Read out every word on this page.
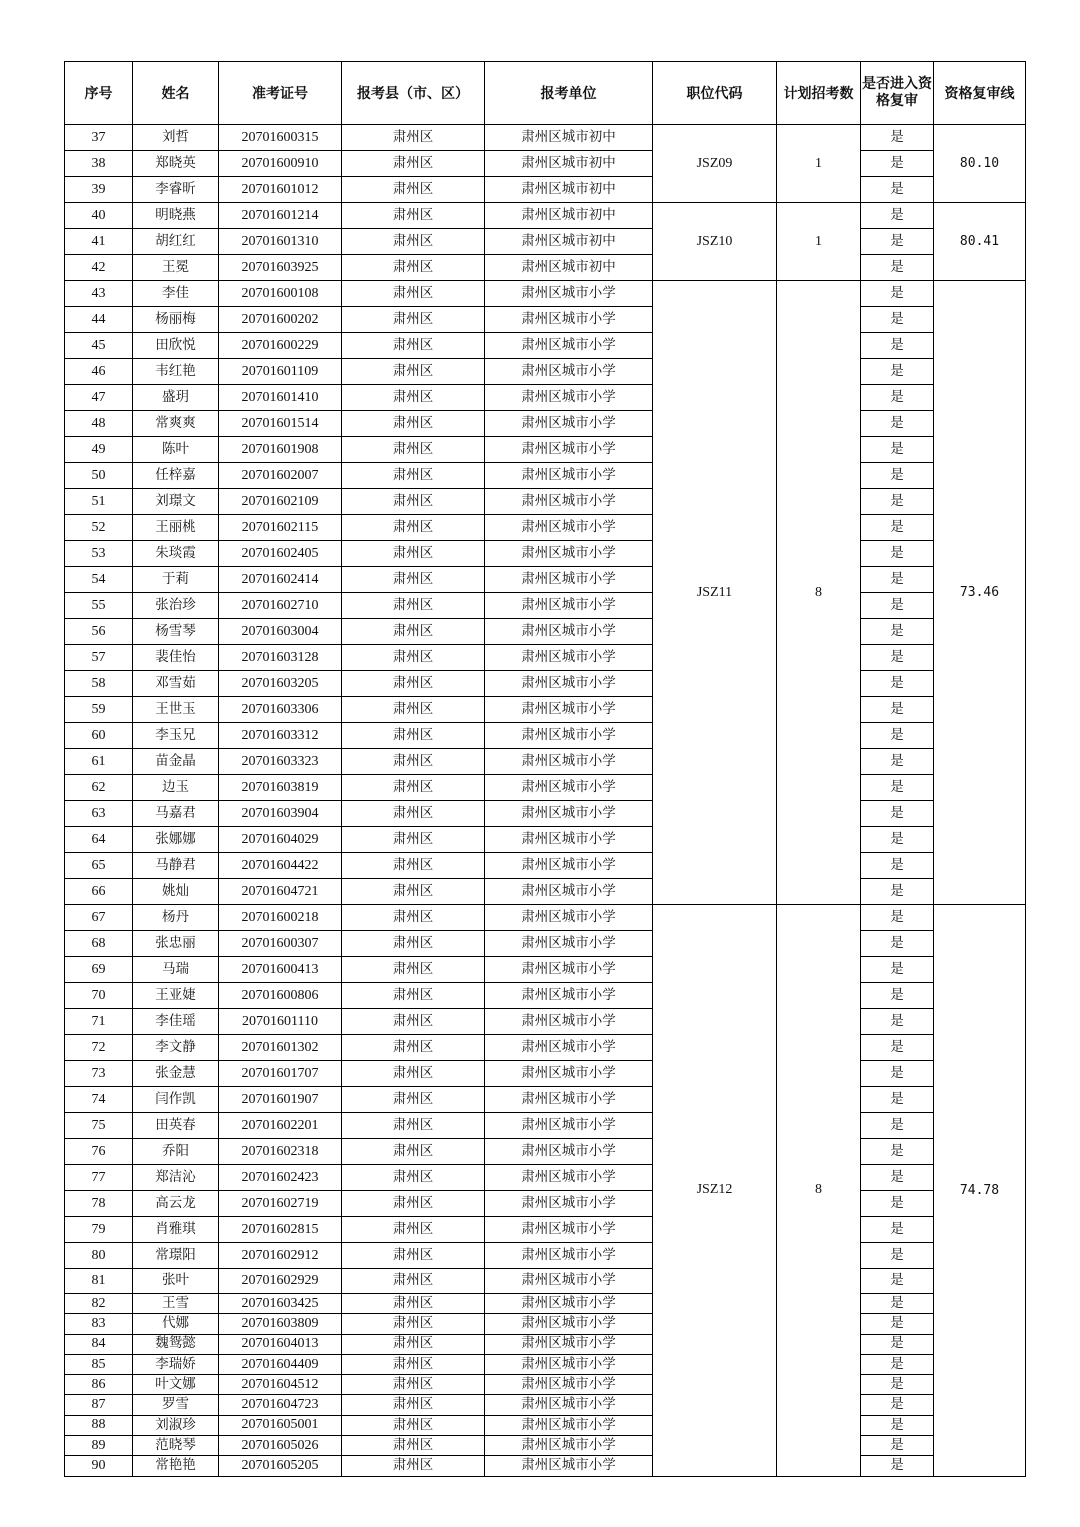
序号	姓名	准考证号	报考县（市、区）	报考单位	职位代码	计划招考数	是否进入资格复审	资格复审线
37	刘哲	20701600315	肃州区	肃州区城市初中	JSZ09	1	是	80.10
38	郑晓英	20701600910	肃州区	肃州区城市初中			是	
39	李睿昕	20701601012	肃州区	肃州区城市初中			是	
40	明晓燕	20701601214	肃州区	肃州区城市初中	JSZ10	1	是	80.41
41	胡红红	20701601310	肃州区	肃州区城市初中			是	
42	王冕	20701603925	肃州区	肃州区城市初中			是	
43	李佳	20701600108	肃州区	肃州区城市小学	JSZ11	8	是	73.46
44	杨丽梅	20701600202	肃州区	肃州区城市小学			是	
45	田欣悦	20701600229	肃州区	肃州区城市小学			是	
46	韦红艳	20701601109	肃州区	肃州区城市小学			是	
47	盛玥	20701601410	肃州区	肃州区城市小学			是	
48	常爽爽	20701601514	肃州区	肃州区城市小学			是	
49	陈叶	20701601908	肃州区	肃州区城市小学			是	
50	任梓嘉	20701602007	肃州区	肃州区城市小学			是	
51	刘璟文	20701602109	肃州区	肃州区城市小学			是	
52	王丽桃	20701602115	肃州区	肃州区城市小学			是	
53	朱琰霞	20701602405	肃州区	肃州区城市小学			是	
54	于莉	20701602414	肃州区	肃州区城市小学			是	
55	张治珍	20701602710	肃州区	肃州区城市小学			是	
56	杨雪琴	20701603004	肃州区	肃州区城市小学			是	
57	裴佳怡	20701603128	肃州区	肃州区城市小学			是	
58	邓雪茹	20701603205	肃州区	肃州区城市小学			是	
59	王世玉	20701603306	肃州区	肃州区城市小学			是	
60	李玉兄	20701603312	肃州区	肃州区城市小学			是	
61	苗金晶	20701603323	肃州区	肃州区城市小学			是	
62	边玉	20701603819	肃州区	肃州区城市小学			是	
63	马嘉君	20701603904	肃州区	肃州区城市小学			是	
64	张娜娜	20701604029	肃州区	肃州区城市小学			是	
65	马静君	20701604422	肃州区	肃州区城市小学			是	
66	姚灿	20701604721	肃州区	肃州区城市小学			是	
67	杨丹	20701600218	肃州区	肃州区城市小学	JSZ12	8	是	74.78
68	张忠丽	20701600307	肃州区	肃州区城市小学			是	
69	马瑞	20701600413	肃州区	肃州区城市小学			是	
70	王亚婕	20701600806	肃州区	肃州区城市小学			是	
71	李佳瑶	20701601110	肃州区	肃州区城市小学			是	
72	李文静	20701601302	肃州区	肃州区城市小学			是	
73	张金慧	20701601707	肃州区	肃州区城市小学			是	
74	闫作凯	20701601907	肃州区	肃州区城市小学			是	
75	田英春	20701602201	肃州区	肃州区城市小学			是	
76	乔阳	20701602318	肃州区	肃州区城市小学			是	
77	郑洁沁	20701602423	肃州区	肃州区城市小学			是	
78	高云龙	20701602719	肃州区	肃州区城市小学			是	
79	肖雅琪	20701602815	肃州区	肃州区城市小学			是	
80	常璟阳	20701602912	肃州区	肃州区城市小学			是	
81	张叶	20701602929	肃州区	肃州区城市小学			是	
82	王雪	20701603425	肃州区	肃州区城市小学			是	
83	代娜	20701603809	肃州区	肃州区城市小学			是	
84	魏鸳懿	20701604013	肃州区	肃州区城市小学			是	
85	李瑞娇	20701604409	肃州区	肃州区城市小学			是	
86	叶文娜	20701604512	肃州区	肃州区城市小学			是	
87	罗雪	20701604723	肃州区	肃州区城市小学			是	
88	刘淑珍	20701605001	肃州区	肃州区城市小学			是	
89	范晓琴	20701605026	肃州区	肃州区城市小学			是	
90	常艳艳	20701605205	肃州区	肃州区城市小学			是	
